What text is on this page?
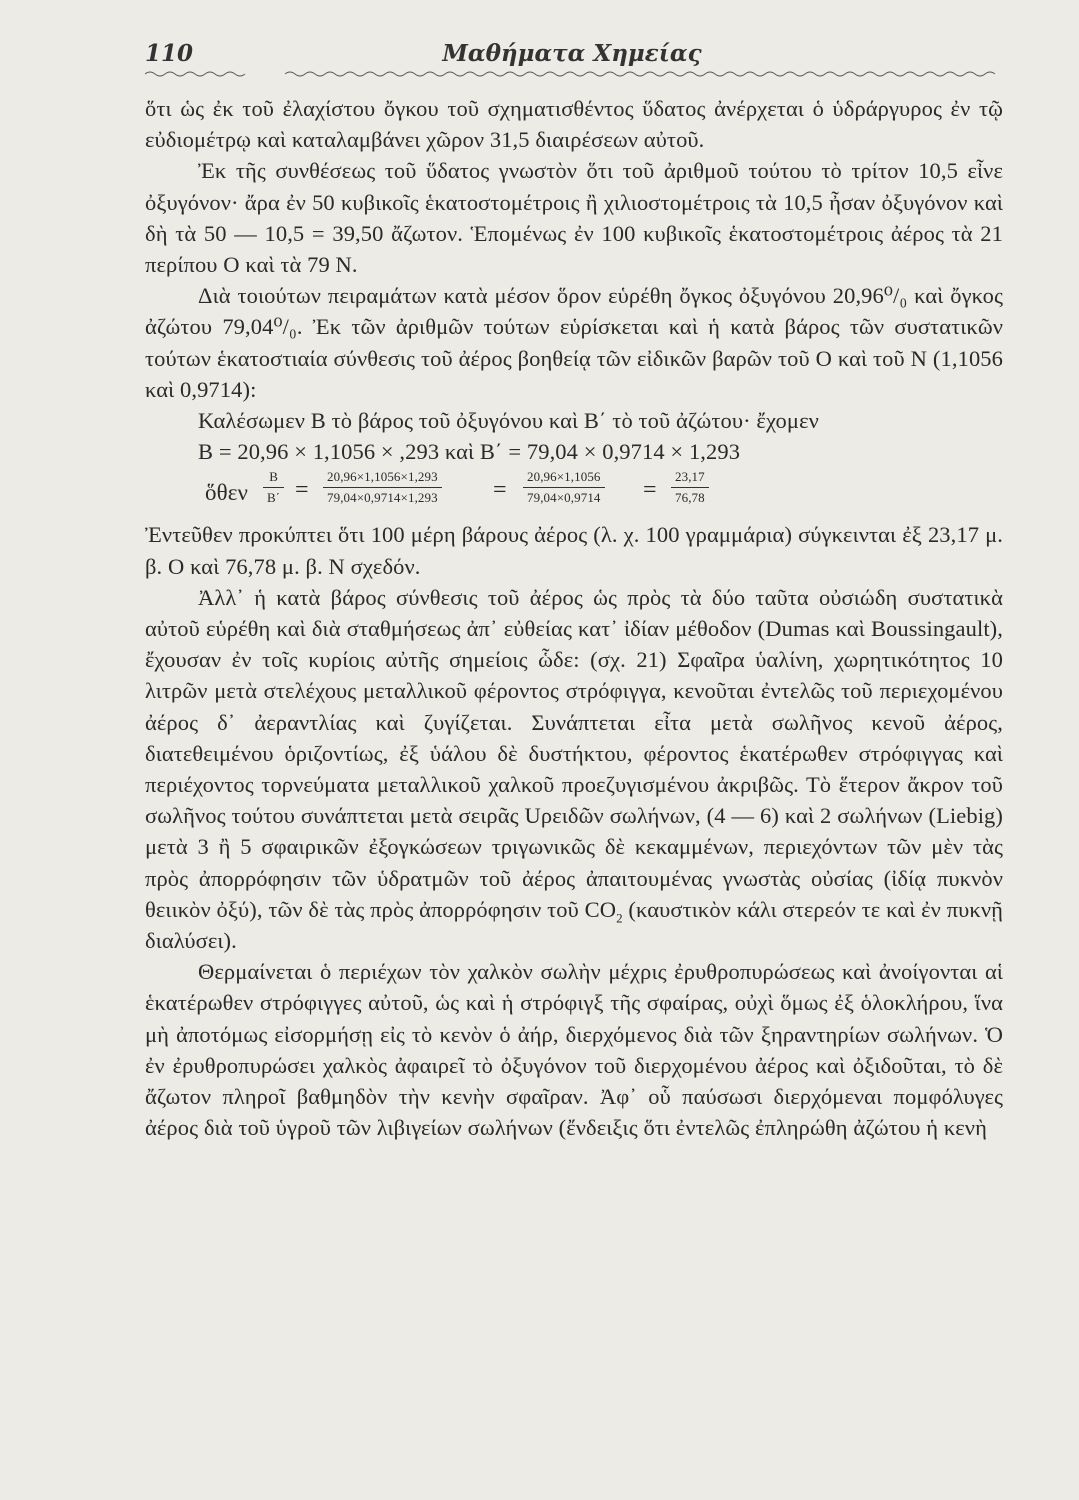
110	Μαθήματα Χημείας

ὅτι ὡς ἐκ τοῦ ἐλαχίστου ὄγκου τοῦ σχηματισθέντος ὕδατος ἀνέρχεται ὁ ὑδράργυρος ἐν τῷ εὐδιομέτρῳ καὶ καταλαμβάνει χῶρον 31,5 διαιρέσεων αὐτοῦ.

Ἐκ τῆς συνθέσεως τοῦ ὕδατος γνωστὸν ὅτι τοῦ ἀριθμοῦ τούτου τὸ τρίτον 10,5 εἶνε ὀξυγόνον· ἄρα ἐν 50 κυβικοῖς ἑκατοστομέτροις ἢ χιλιοστομέτροις τὰ 10,5 ἦσαν ὀξυγόνον καὶ δὴ τὰ 50 — 10,5 = 39,50 ἄζωτον. Ἑπομένως ἐν 100 κυβικοῖς ἑκατοστομέτροις ἀέρος τὰ 21 περίπου Ο καὶ τὰ 79 Ν.

Διὰ τοιούτων πειραμάτων κατὰ μέσον ὅρον εὑρέθη ὄγκος ὀξυγόνου 20,96⁰/₀ καὶ ὄγκος ἀζώτου 79,04⁰/₀. Ἐκ τῶν ἀριθμῶν τούτων εὑρίσκεται καὶ ἡ κατὰ βάρος τῶν συστατικῶν τούτων ἑκατοστιαία σύνθεσις τοῦ ἀέρος βοηθείᾳ τῶν εἰδικῶν βαρῶν τοῦ Ο καὶ τοῦ Ν (1,1056 καὶ 0,9714):

Καλέσωμεν Β τὸ βάρος τοῦ ὀξυγόνου καὶ Β΄ τὸ τοῦ ἀζώτου· ἔχομεν

Β = 20,96 × 1,1056 × ,293 καὶ Β΄ = 79,04 × 0,9714 × 1,293

ὅθεν $\frac{B}{B΄} = \frac{20,96\times 1,1056\times 1,293}{79,04\times 0,9714\times 1,293} = \frac{20,96\times 1,1056}{79,04\times 0,9714} = \frac{23,17}{76,78}$

Ἐντεῦθεν προκύπτει ὅτι 100 μέρη βάρους ἀέρος (λ. χ. 100 γραμμάρια) σύγκεινται ἐξ 23,17 μ. β. Ο καὶ 76,78 μ. β. Ν σχεδόν.

Ἀλλ᾽ ἡ κατὰ βάρος σύνθεσις τοῦ ἀέρος ὡς πρὸς τὰ δύο ταῦτα οὐσιώδη συστατικὰ αὐτοῦ εὑρέθη καὶ διὰ σταθμήσεως ἀπ᾽ εὐθείας κατ᾽ ἰδίαν μέθοδον (Dumas καὶ Boussingault), ἔχουσαν ἐν τοῖς κυρίοις αὐτῆς σημείοις ὧδε: (σχ. 21) Σφαῖρα ὑαλίνη, χωρητικότητος 10 λιτρῶν μετὰ στελέχους μεταλλικοῦ φέροντος στρόφιγγα, κενοῦται ἐντελῶς τοῦ περιεχομένου ἀέρος δ᾽ ἀεραντλίας καὶ ζυγίζεται. Συνάπτεται εἶτα μετὰ σωλῆνος κενοῦ ἀέρος, διατεθειμένου ὁριζοντίως, ἐξ ὑάλου δὲ δυστήκτου, φέροντος ἑκατέρωθεν στρόφιγγας καὶ περιέχοντος τορνεύματα μεταλλικοῦ χαλκοῦ προεζυγισμένου ἀκριβῶς. Τὸ ἕτερον ἄκρον τοῦ σωλῆνος τούτου συνάπτεται μετὰ σειρᾶς Uρειδῶν σωλήνων, (4 — 6) καὶ 2 σωλήνων (Liebig) μετὰ 3 ἢ 5 σφαιρικῶν ἐξογκώσεων τριγωνικῶς δὲ κεκαμμένων, περιεχόντων τῶν μὲν τὰς πρὸς ἀπορρόφησιν τῶν ὑδρατμῶν τοῦ ἀέρος ἀπαιτουμένας γνωστὰς οὐσίας (ἰδίᾳ πυκνὸν θειικὸν ὀξύ), τῶν δὲ τὰς πρὸς ἀπορρόφησιν τοῦ $CO_2$ (καυστικὸν κάλι στερεόν τε καὶ ἐν πυκνῇ διαλύσει).

Θερμαίνεται ὁ περιέχων τὸν χαλκὸν σωλὴν μέχρις ἐρυθροπυρώσεως καὶ ἀνοίγονται αἱ ἑκατέρωθεν στρόφιγγες αὐτοῦ, ὡς καὶ ἡ στρόφιγξ τῆς σφαίρας, οὐχὶ ὅμως ἐξ ὁλοκλήρου, ἵνα μὴ ἀποτόμως εἰσορμήσῃ εἰς τὸ κενὸν ὁ ἀήρ, διερχόμενος διὰ τῶν ξηραντηρίων σωλήνων. Ὁ ἐν ἐρυθροπυρώσει χαλκὸς ἀφαιρεῖ τὸ ὀξυγόνον τοῦ διερχομένου ἀέρος καὶ ὀξιδοῦται, τὸ δὲ ἄζωτον πληροῖ βαθμηδὸν τὴν κενὴν σφαῖραν. Ἀφ᾽ οὗ παύσωσι διερχόμεναι πομφόλυγες ἀέρος διὰ τοῦ ὑγροῦ τῶν λιβιγείων σωλήνων (ἔνδειξις ὅτι ἐντελῶς ἐπληρώθη ἀζώτου ἡ κενὴ
